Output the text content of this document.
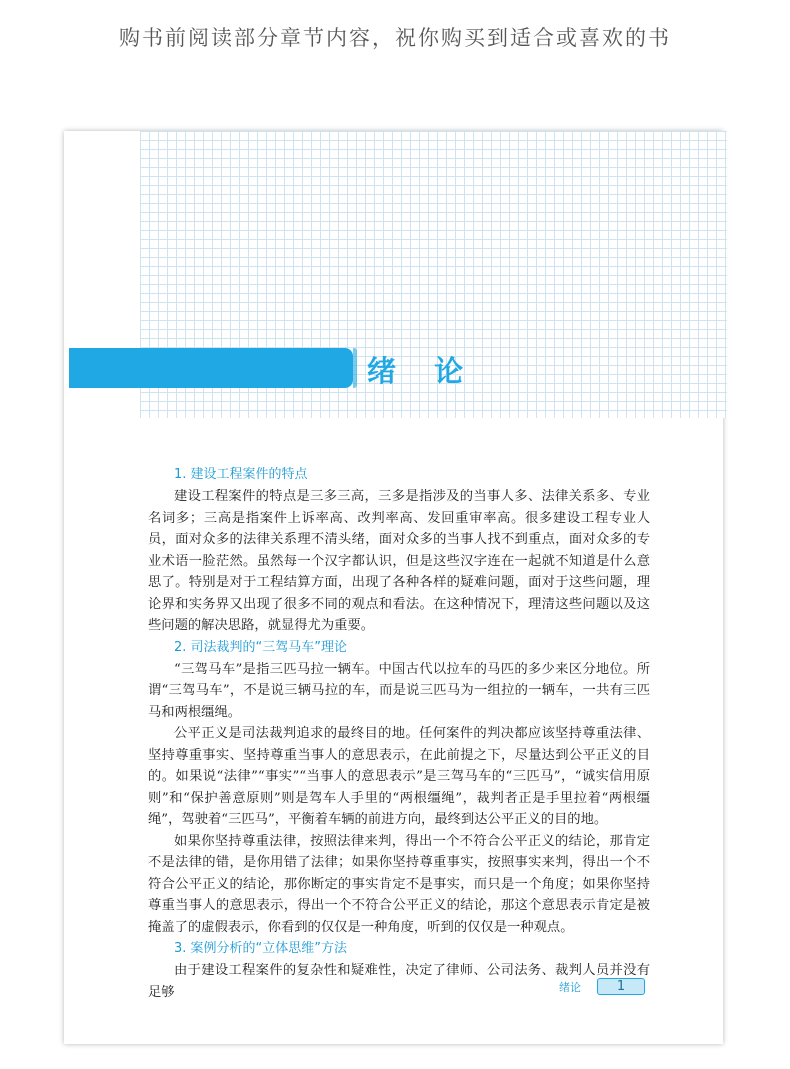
购书前阅读部分章节内容，祝你购买到适合或喜欢的书
绪 论
1. 建设工程案件的特点

建设工程案件的特点是三多三高，三多是指涉及的当事人多、法律关系多、专业名词多；三高是指案件上诉率高、改判率高、发回重审率高。很多建设工程专业人员，面对众多的法律关系理不清头绪，面对众多的当事人找不到重点，面对众多的专业术语一脸茫然。虽然每一个汉字都认识，但是这些汉字连在一起就不知道是什么意思了。特别是对于工程结算方面，出现了各种各样的疑难问题，面对于这些问题，理论界和实务界又出现了很多不同的观点和看法。在这种情况下，理清这些问题以及这些问题的解决思路，就显得尤为重要。

2. 司法裁判的“三驾马车”理论

“三驾马车”是指三匹马拉一辆车。中国古代以拉车的马匹的多少来区分地位。所谓“三驾马车”，不是说三辆马拉的车，而是说三匹马为一组拉的一辆车，一共有三匹马和两根缰绳。

公平正义是司法裁判追求的最终目的地。任何案件的判决都应该坚持尊重法律、坚持尊重事实、坚持尊重当事人的意思表示，在此前提之下，尽量达到公平正义的目的。如果说“法律”“事实”“当事人的意思表示”是三驾马车的“三匹马”，“诚实信用原则”和“保护善意原则”则是驾车人手里的“两根缰绳”，裁判者正是手里拉着“两根缰绳”，驾驶着“三匹马”，平衡着车辆的前进方向，最终到达公平正义的目的地。

如果你坚持尊重法律，按照法律来判，得出一个不符合公平正义的结论，那肯定不是法律的错，是你用错了法律；如果你坚持尊重事实，按照事实来判，得出一个不符合公平正义的结论，那你断定的事实肯定不是事实，而只是一个角度；如果你坚持尊重当事人的意思表示，得出一个不符合公平正义的结论，那这个意思表示肯定是被掩盖了的虚假表示，你看到的仅仅是一种角度，听到的仅仅是一种观点。

3. 案例分析的“立体思维”方法

由于建设工程案件的复杂性和疑难性，决定了律师、公司法务、裁判人员并没有足够	绪论	1
